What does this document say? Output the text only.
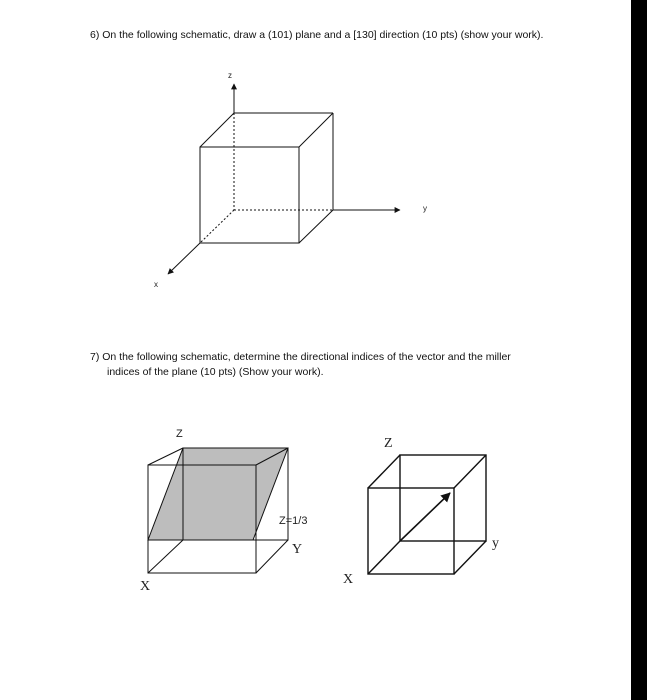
6) On the following schematic, draw a (101) plane and a [130] direction (10 pts) (show your work).
7) On the following schematic, determine the directional indices of the vector and the miller
indices of the plane (10 pts) (Show your work).
z
y
x
Z
Z=1/3
Y
X
Z
y
X
